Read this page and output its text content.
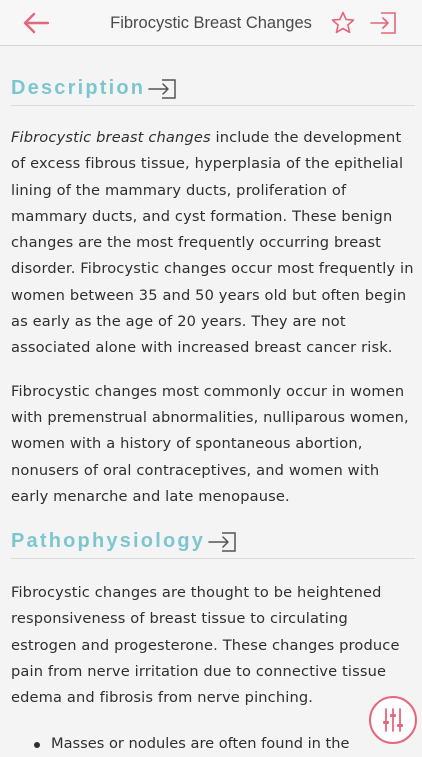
Fibrocystic Breast Changes
Description

Fibrocystic breast changes include the development of excess fibrous tissue, hyperplasia of the epithelial lining of the mammary ducts, proliferation of mammary ducts, and cyst formation. These benign changes are the most frequently occurring breast disorder. Fibrocystic changes occur most frequently in women between 35 and 50 years old but often begin as early as the age of 20 years. They are not associated alone with increased breast cancer risk.

Fibrocystic changes most commonly occur in women with premenstrual abnormalities, nulliparous women, women with a history of spontaneous abortion, nonusers of oral contraceptives, and women with early menarche and late menopause.

Pathophysiology

Fibrocystic changes are thought to be heightened responsiveness of breast tissue to circulating estrogen and progesterone. These changes produce pain from nerve irritation due to connective tissue edema and fibrosis from nerve pinching.

Masses or nodules are often found in the
